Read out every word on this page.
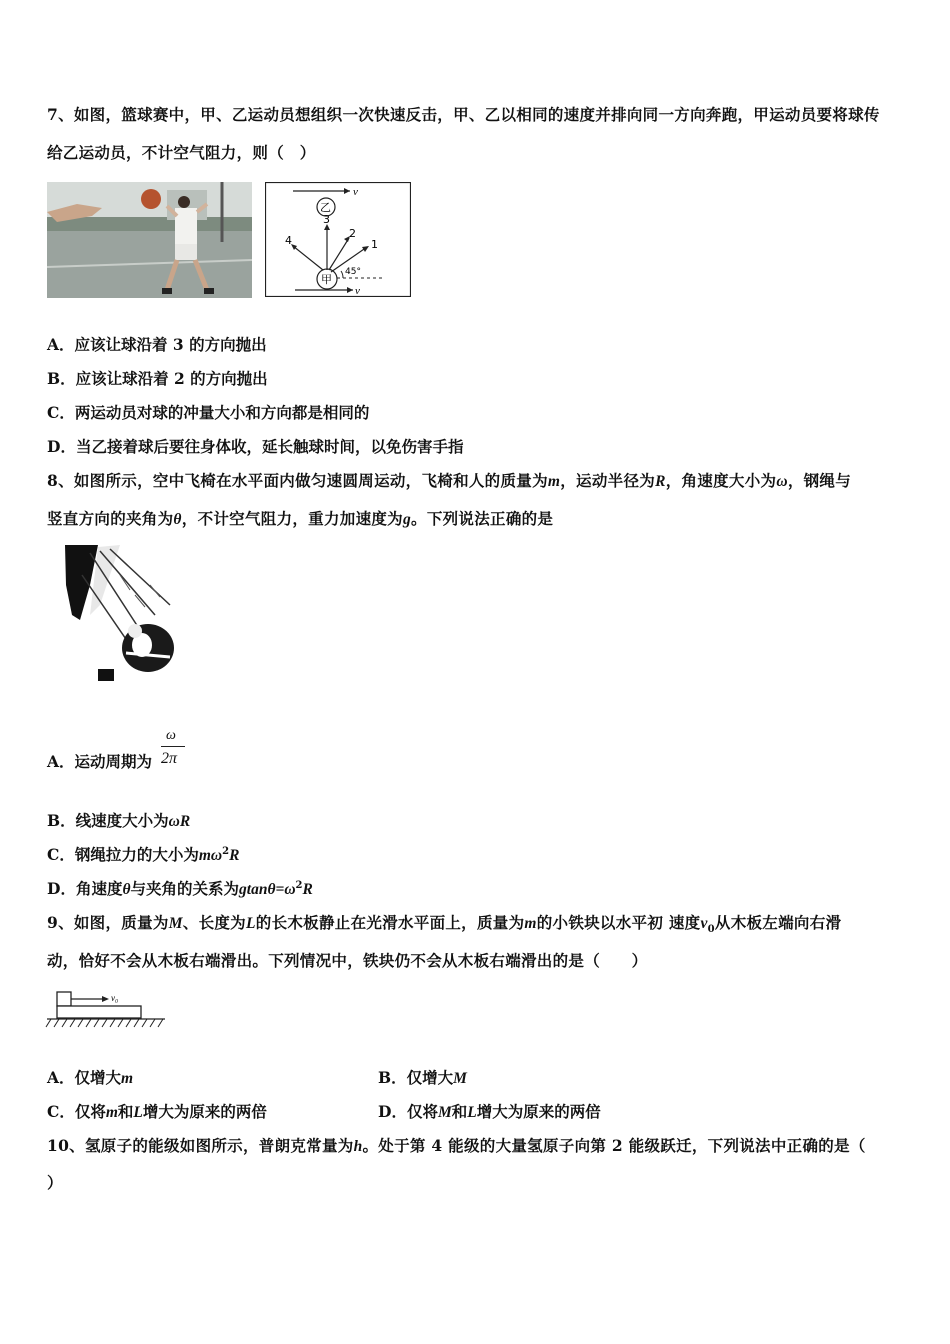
7、如图，篮球赛中，甲、乙运动员想组织一次快速反击，甲、乙以相同的速度并排向同一方向奔跑，甲运动员要将球传
给乙运动员，不计空气阻力，则（　）
v
乙
甲
v
3
2
1
4
45°
A．应该让球沿着 3 的方向抛出
B．应该让球沿着 2 的方向抛出
C．两运动员对球的冲量大小和方向都是相同的
D．当乙接着球后要往身体收，延长触球时间，以免伤害手指
8、如图所示，空中飞椅在水平面内做匀速圆周运动，飞椅和人的质量为m，运动半径为R，角速度大小为ω，钢绳与
竖直方向的夹角为θ，不计空气阻力，重力加速度为g。下列说法正确的是
A．运动周期为
ω
2π
B．线速度大小为ωR
C．钢绳拉力的大小为$m\omega^2R$
D．角速度θ与夹角的关系为$gtan\theta=\omega^2R$
9、如图，质量为M、长度为L的长木板静止在光滑水平面上，质量为m的小铁块以水平初 速度$v_0$从木板左端向右滑
动，恰好不会从木板右端滑出。下列情况中，铁块仍不会从木板右端滑出的是（　　）
v₀
A．仅增大m	B．仅增大M
C．仅将m和L增大为原来的两倍	D．仅将M和L增大为原来的两倍
10、氢原子的能级如图所示，普朗克常量为h。处于第 4 能级的大量氢原子向第 2 能级跃迁，下列说法中正确的是（
）
